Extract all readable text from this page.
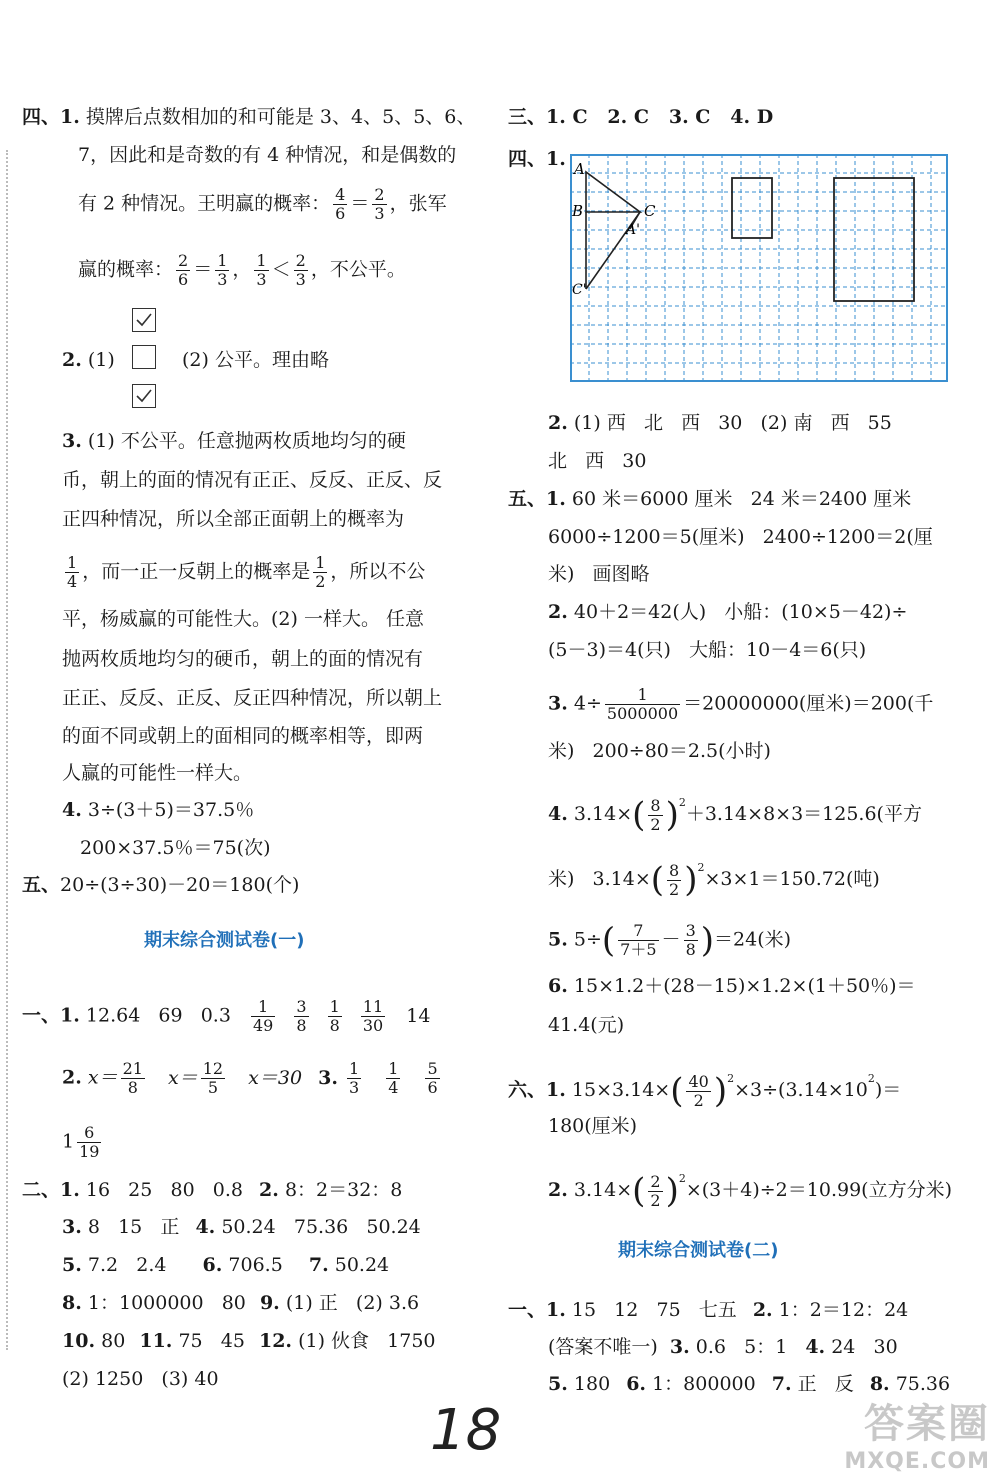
四、1. 摸牌后点数相加的和可能是 3、4、5、5、6、
7，因此和是奇数的有 4 种情况，和是偶数的
有 2 种情况。王明赢的概率： $\frac{4}{6} = \frac{2}{3}$ ，张军
赢的概率： $\frac{2}{6} = \frac{1}{3}$ ， $\frac{1}{3} < \frac{2}{3}$ ，不公平。
2. (1)	(2) 公平。理由略
3. (1) 不公平。任意抛两枚质地均匀的硬
币，朝上的面的情况有正正、反反、正反、反
正四种情况，所以全部正面朝上的概率为
$\frac{1}{4}$ ，而一正一反朝上的概率是 $\frac{1}{2}$ ，所以不公
平，杨威赢的可能性大。(2) 一样大。 任意
抛两枚质地均匀的硬币，朝上的面的情况有
正正、反反、正反、反正四种情况，所以朝上
的面不同或朝上的面相同的概率相等，即两
人赢的可能性一样大。
4. 3÷(3＋5)＝37.5％
200×37.5％＝75(次)
五、20÷(3÷30)－20＝180(个)
期末综合测试卷(一)
一、1. 12.64   69   $0.3 \frac{1}{49}$
$\frac{3}{8}$
$\frac{1}{8}$
$\frac{11}{30} 14$
2. $x= \frac{21}{8} x= \frac{12}{5} x=30$ 3. $\frac{1}{3}$
$\frac{1}{4}$
$\frac{5}{6}$
$1 \frac{6}{19}$
二、1. 16   25   80   0.8 2. 8：2＝32：8
3. 8   15   正 4. 50.24   75.36   50.24
5. 7.2   2.4 6. 706.5 7. 50.24
8. 1：1000000   80 9. (1) 正   (2) 3.6
10. 80 11. 75   45 12. (1) 伙食   1750
(2) 1250   (3) 40
三、1. C   2. C   3. C   4. D
四、1. A
B	C
A'
C'
2. (1) 西   北   西   30   (2) 南   西   55
北   西   30
五、1. 60 米＝6000 厘米   24 米＝2400 厘米
6000÷1200＝5(厘米)   2400÷1200＝2(厘
米)   画图略
2. 40＋2＝42(人)   小船：(10×5－42)÷
(5－3)＝4(只)   大船：10－4＝6(只)
3. $4\div \frac{1}{5000000} =20000000$(厘米)＝200(千
米)   200÷80＝2.5(小时)
4. $3.14\times( \frac{8}{2} )^2+3.14\times 8\times 3=125.6$(平方
米)   $3.14\times( \frac{8}{2} )^2\times 3\times 1=150.72$(吨)
5. $5\div( \frac{7}{7+5} - \frac{3}{8} )=24$(米)
6. 15×1.2＋(28－15)×1.2×(1＋50％)＝
41.4(元)
六、1. $15\times 3.14\times( \frac{40}{2} )^2\times 3\div(3.14\times 10^2)=$
180(厘米)
2. $3.14\times( \frac{2}{2} )^2\times(3+4)\div 2=10.99$(立方分米)
期末综合测试卷(二)
一、1. 15   12   75   七五 2. 1：2＝12：24
(答案不唯一) 3. 0.6   5：1 4. 24   30
5. 180 6. 1：800000 7. 正   反 8. 75.36
18	答案圈
MXQE.COM
